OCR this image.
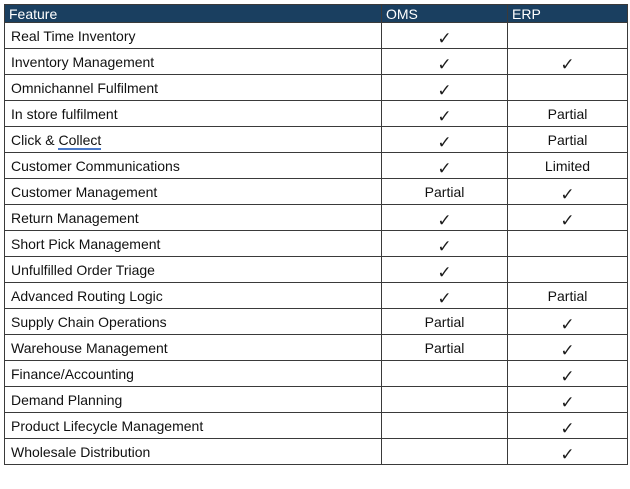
Feature	OMS	ERP
Real Time Inventory	✓	
Inventory Management	✓	✓
Omnichannel Fulfilment	✓	
In store fulfilment	✓	Partial
Click & Collect	✓	Partial
Customer Communications	✓	Limited
Customer Management	Partial	✓
Return Management	✓	✓
Short Pick Management	✓	
Unfulfilled Order Triage	✓	
Advanced Routing Logic	✓	Partial
Supply Chain Operations	Partial	✓
Warehouse Management	Partial	✓
Finance/Accounting		✓
Demand Planning		✓
Product Lifecycle Management		✓
Wholesale Distribution		✓
